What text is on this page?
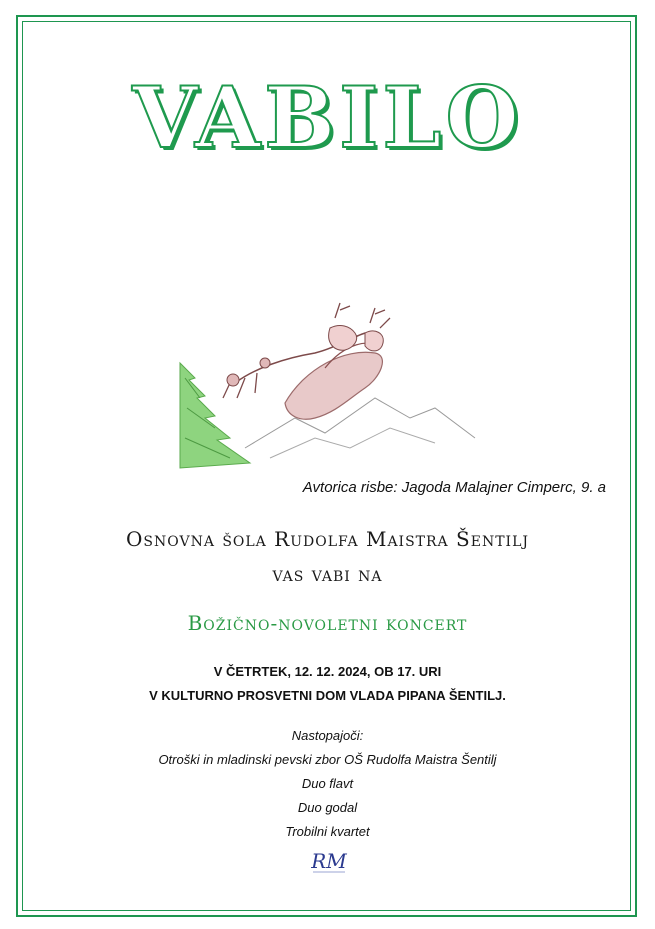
VABILO
Avtorica risbe: Jagoda Malajner Cimperc, 9. a
Osnovna šola Rudolfa Maistra Šentilj
vas vabi na
Božično-novoletni koncert
V ČETRTEK, 12. 12. 2024, OB 17. URI
V KULTURNO PROSVETNI DOM VLADA PIPANA ŠENTILJ.
Nastopajoči:
Otroški in mladinski pevski zbor OŠ Rudolfa Maistra Šentilj
Duo flavt
Duo godal
Trobilni kvartet
RM
